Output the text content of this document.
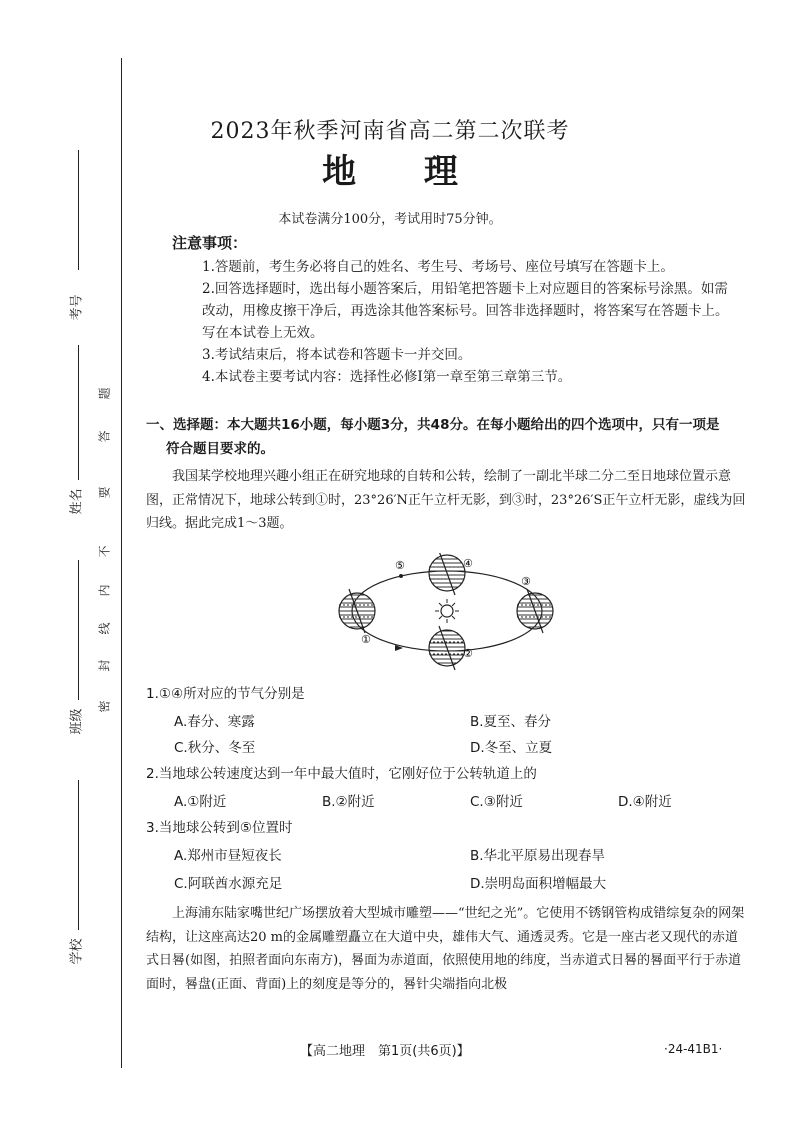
考号
姓名
班级
学校
密
封
线
内
不
要
答
题
2023年秋季河南省高二第二次联考
地 理
本试卷满分100分，考试用时75分钟。
注意事项：

1.答题前，考生务必将自己的姓名、考生号、考场号、座位号填写在答题卡上。

2.回答选择题时，选出每小题答案后，用铅笔把答题卡上对应题目的答案标号涂黑。如需改动，用橡皮擦干净后，再选涂其他答案标号。回答非选择题时，将答案写在答题卡上。写在本试卷上无效。

3.考试结束后，将本试卷和答题卡一并交回。

4.本试卷主要考试内容：选择性必修Ⅰ第一章至第三章第三节。

一、选择题：本大题共16小题，每小题3分，共48分。在每小题给出的四个选项中，只有一项是
符合题目要求的。
我国某学校地理兴趣小组正在研究地球的自转和公转，绘制了一副北半球二分二至日地球位置示意图，正常情况下，地球公转到①时，23°26′N正午立杆无影，到③时，23°26′S正午立杆无影，虚线为回归线。据此完成1～3题。
①
②
③
④
⑤
1.①④所对应的节气分别是
A.春分、寒露	B.夏至、春分
C.秋分、冬至	D.冬至、立夏
2.当地球公转速度达到一年中最大值时，它刚好位于公转轨道上的
A.①附近	B.②附近	C.③附近	D.④附近
3.当地球公转到⑤位置时
A.郑州市昼短夜长	B.华北平原易出现春旱
C.阿联酋水源充足	D.崇明岛面积增幅最大
上海浦东陆家嘴世纪广场摆放着大型城市雕塑——“世纪之光”。它使用不锈钢管构成错综复杂的网架结构，让这座高达20 m的金属雕塑矗立在大道中央，雄伟大气、通透灵秀。它是一座古老又现代的赤道式日晷(如图，拍照者面向东南方)，晷面为赤道面，依照使用地的纬度，当赤道式日晷的晷面平行于赤道面时，晷盘(正面、背面)上的刻度是等分的，晷针尖端指向北极
【高二地理　第1页(共6页)】	·24-41B1·
